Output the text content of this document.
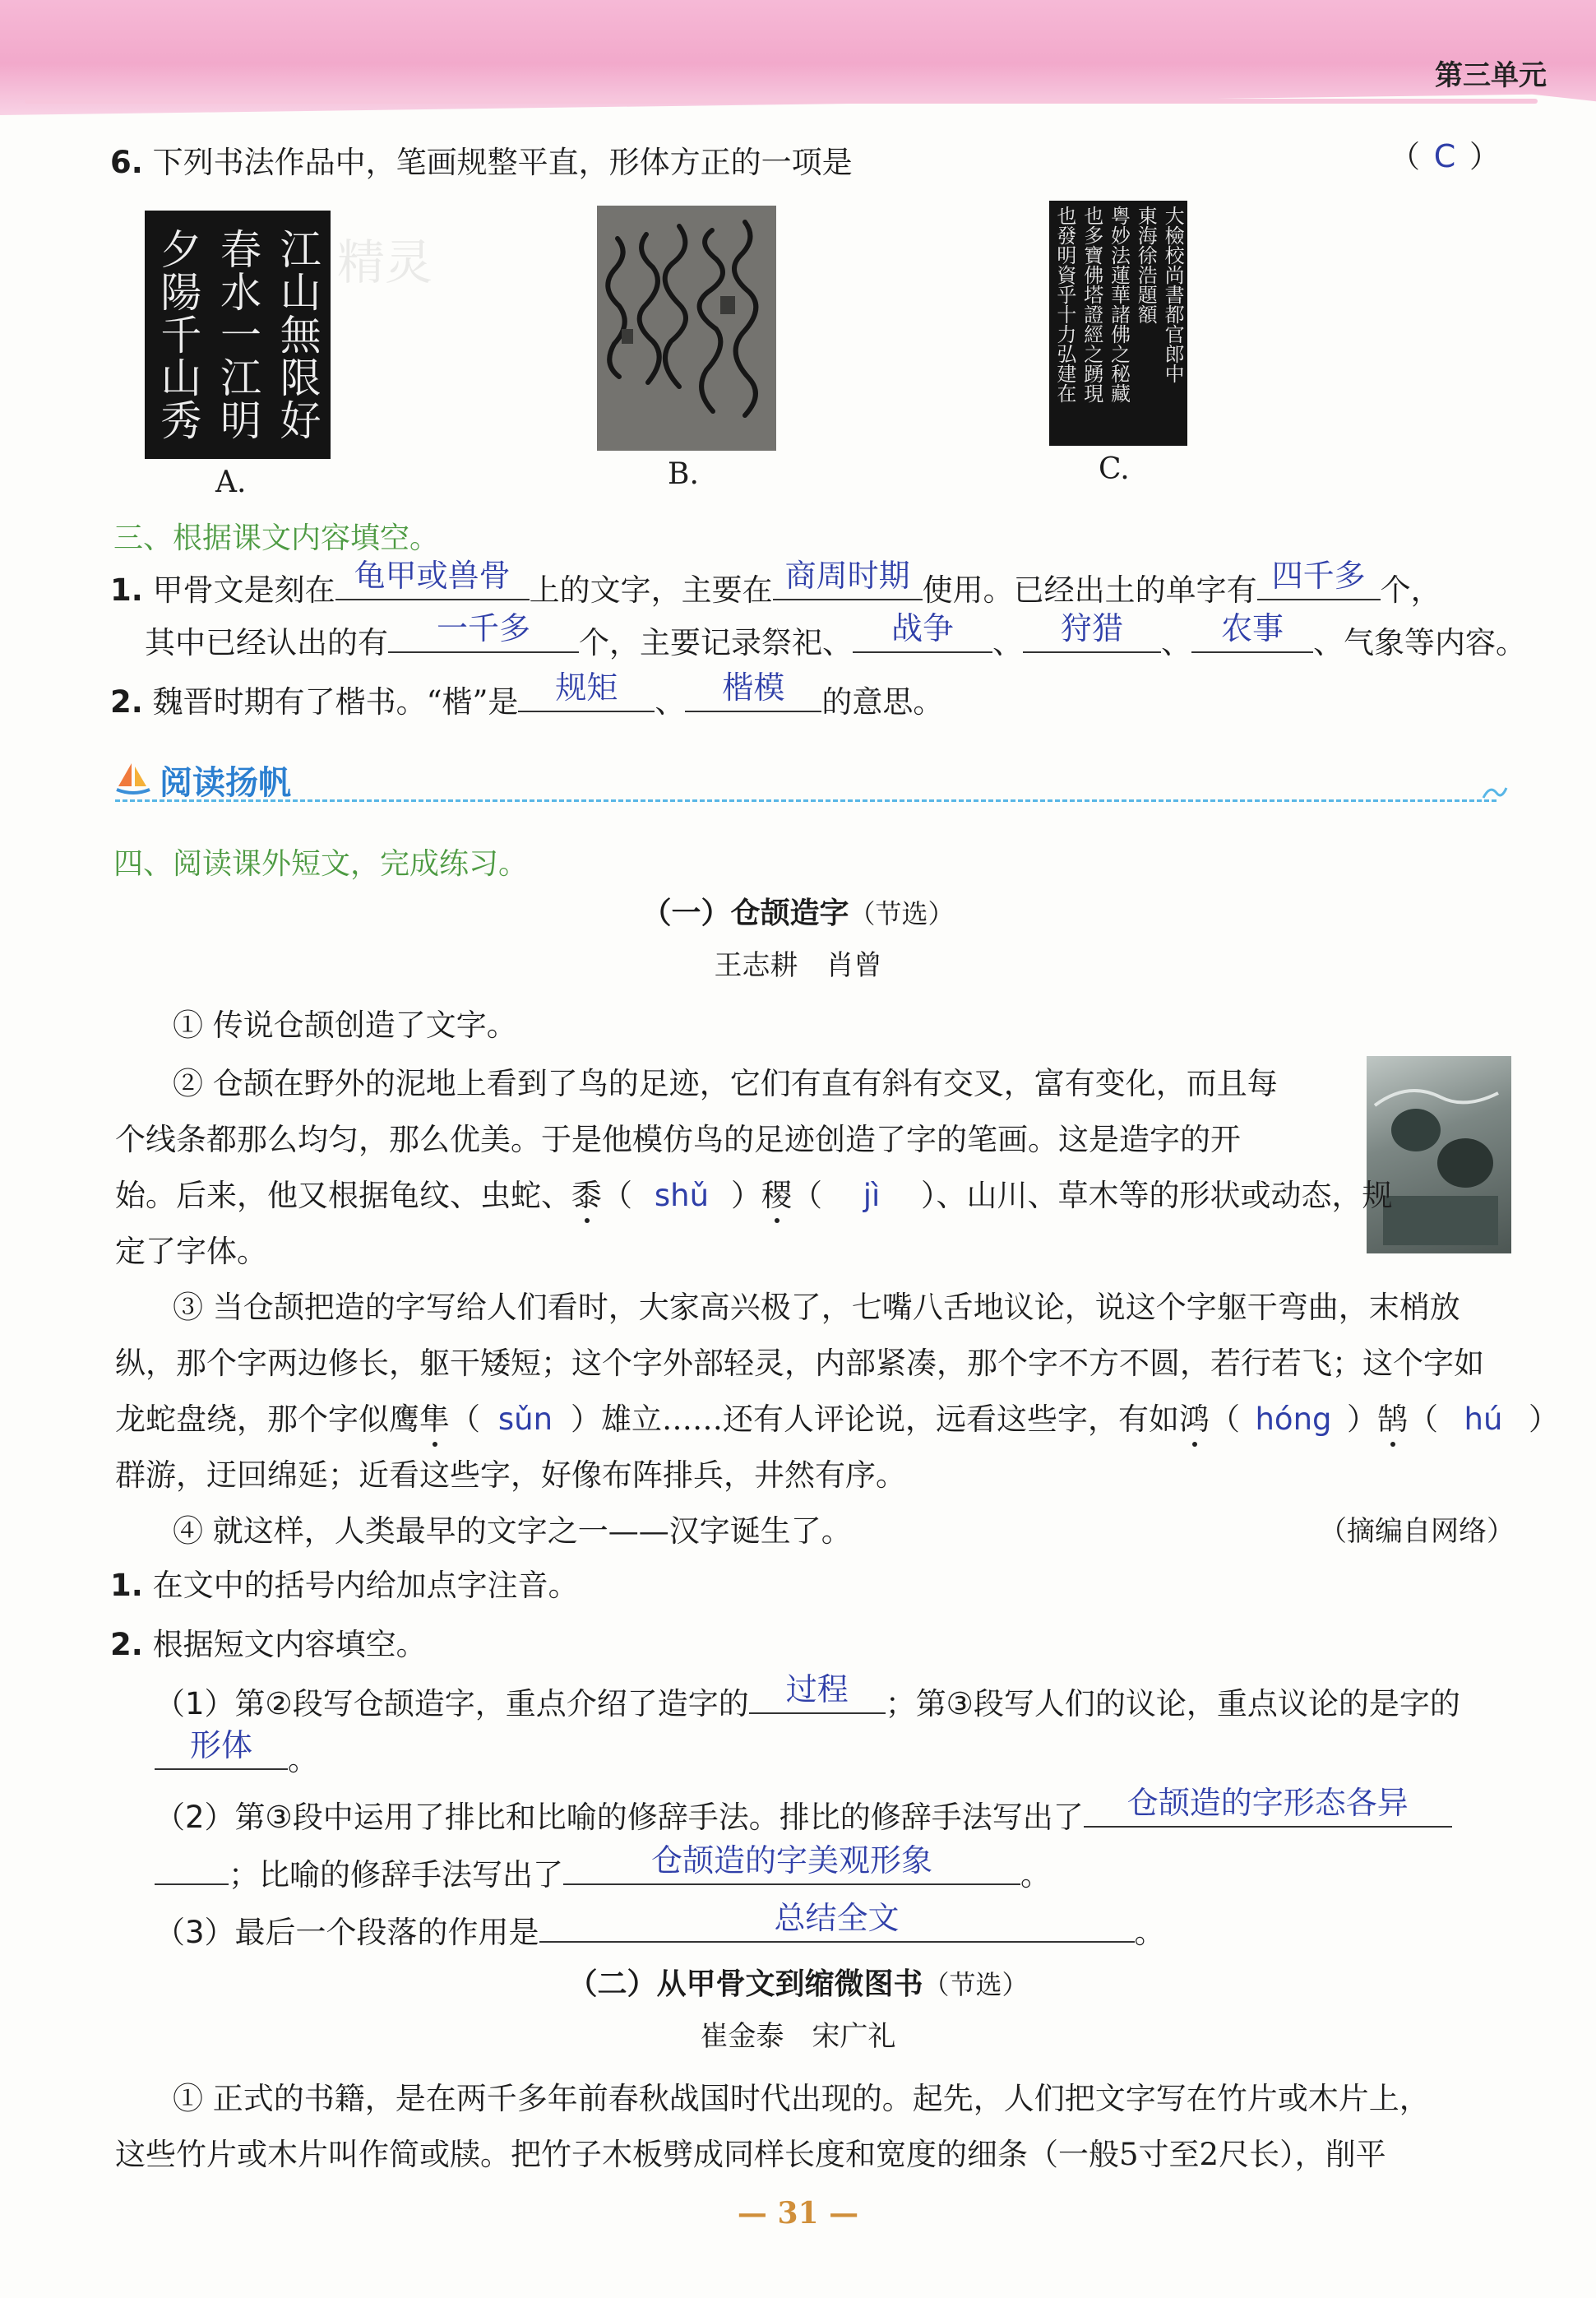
第三单元
6. 下列书法作品中，笔画规整平直，形体方正的一项是	（ C ）
夕陽千山秀 春水一江明 江山無限好
A.	B.
大檢校尚書都官郎中
東海徐浩題額
粤妙法蓮華諸佛之秘藏
也多寶佛塔證經之踴現
也發明資乎十力弘建在
C.
三、根据课文内容填空。
1. 甲骨文是刻在 龟甲或兽骨 上的文字，主要在 商周时期 使用。已经出土的单字有 四千多 个，
其中已经认出的有	一千多	个，主要记录祭祀、	战争	、	狩猎	、 农事 、气象等内容。
2. 魏晋时期有了楷书。“楷”是	规矩	、	楷模	的意思。
阅读扬帆
四、阅读课外短文，完成练习。
（一）仓颉造字（节选）
王志耕　肖曾
① 传说仓颉创造了文字。
② 仓颉在野外的泥地上看到了鸟的足迹，它们有直有斜有交叉，富有变化，而且每
个线条都那么均匀，那么优美。于是他模仿鸟的足迹创造了字的笔画。这是造字的开
始。后来，他又根据龟纹、虫蛇、黍（ shǔ ）稷（ jì ）、山川、草木等的形状或动态，规
定了字体。
③ 当仓颉把造的字写给人们看时，大家高兴极了，七嘴八舌地议论，说这个字躯干弯曲，末梢放
纵，那个字两边修长，躯干矮短；这个字外部轻灵，内部紧凑，那个字不方不圆，若行若飞；这个字如
龙蛇盘绕，那个字似鹰隼（ sǔn ）雄立……还有人评论说，远看这些字，有如鸿（ hóng ）鹄（ hú ）
群游，迂回绵延；近看这些字，好像布阵排兵，井然有序。
④ 就这样，人类最早的文字之一——汉字诞生了。	（摘编自网络）
1. 在文中的括号内给加点字注音。
2. 根据短文内容填空。
（1）第②段写仓颉造字，重点介绍了造字的	过程	；第③段写人们的议论，重点议论的是字的
形体	。
（2）第③段中运用了排比和比喻的修辞手法。排比的修辞手法写出了	仓颉造的字形态各异
；比喻的修辞手法写出了	仓颉造的字美观形象	。
（3）最后一个段落的作用是	总结全文	。
（二）从甲骨文到缩微图书（节选）
崔金泰　宋广礼
① 正式的书籍，是在两千多年前春秋战国时代出现的。起先，人们把文字写在竹片或木片上，
这些竹片或木片叫作简或牍。把竹子木板劈成同样长度和宽度的细条（一般5寸至2尺长），削平
精灵
— 31 —
